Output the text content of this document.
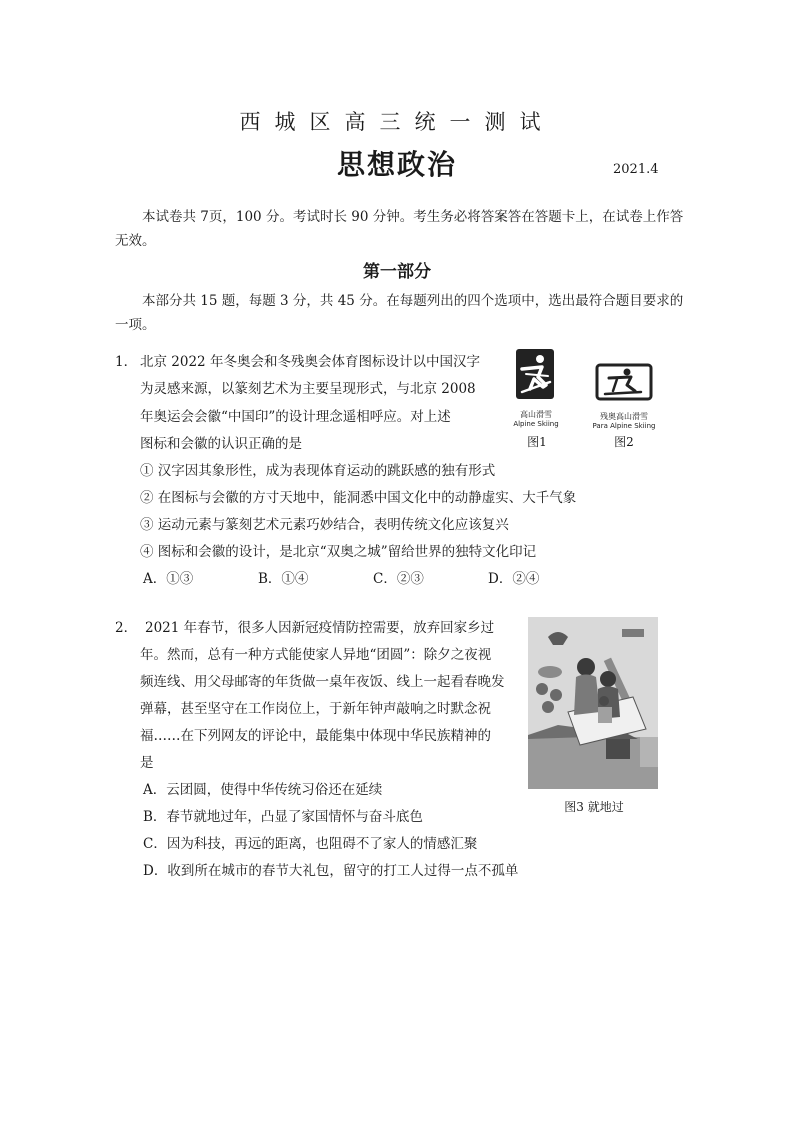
西城区高三统一测试
思想政治	2021.4
本试卷共 7页，100 分。考试时长 90 分钟。考生务必将答案答在答题卡上，在试卷上作答无效。
第一部分
本部分共 15 题，每题 3 分，共 45 分。在每题列出的四个选项中，选出最符合题目要求的一项。
1． 北京 2022 年冬奥会和冬残奥会体育图标设计以中国汉字
为灵感来源，以篆刻艺术为主要呈现形式，与北京 2008
年奥运会会徽“中国印”的设计理念遥相呼应。对上述
图标和会徽的认识正确的是
高山滑雪
Alpine Skiing
图1
残奥高山滑雪
Para Alpine Skiing
图2
① 汉字因其象形性，成为表现体育运动的跳跃感的独有形式
② 在图标与会徽的方寸天地中，能洞悉中国文化中的动静虚实、大千气象
③ 运动元素与篆刻艺术元素巧妙结合，表明传统文化应该复兴
④ 图标和会徽的设计，是北京“双奥之城”留给世界的独特文化印记
A．①③	B．①④	C．②③	D．②④
2． 2021 年春节，很多人因新冠疫情防控需要，放弃回家乡过
年。然而，总有一种方式能使家人异地“团圆”：除夕之夜视
频连线、用父母邮寄的年货做一桌年夜饭、线上一起看春晚发
弹幕，甚至坚守在工作岗位上，于新年钟声敲响之时默念祝
福……在下列网友的评论中，最能集中体现中华民族精神的
是
图3 就地过
A．云团圆，使得中华传统习俗还在延续
B．春节就地过年，凸显了家国情怀与奋斗底色
C．因为科技，再远的距离，也阻碍不了家人的情感汇聚
D．收到所在城市的春节大礼包，留守的打工人过得一点不孤单
